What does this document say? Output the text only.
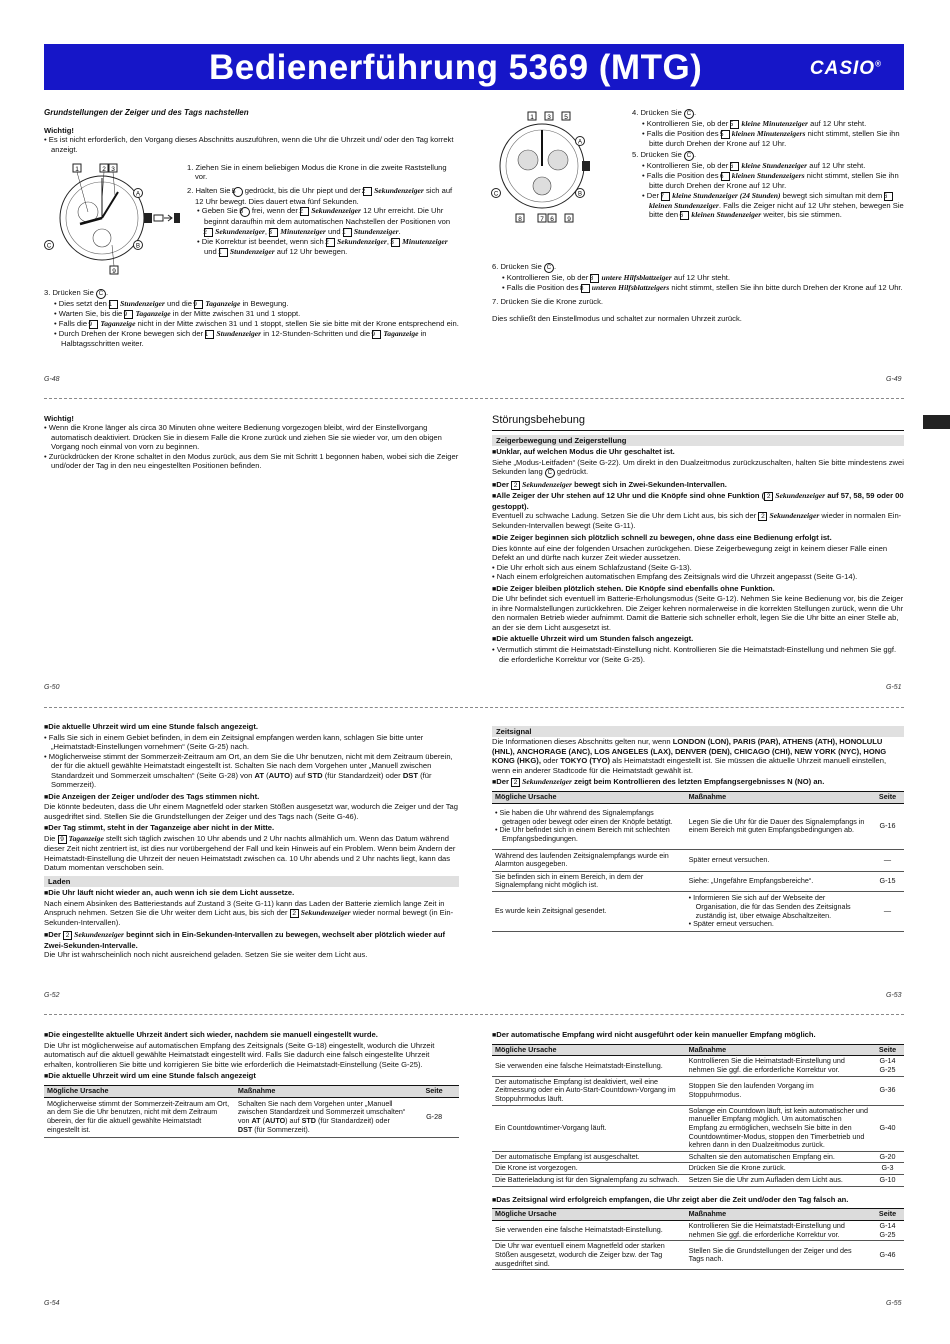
Bedienerführung 5369 (MTG)	CASIO®

Grundstellungen der Zeiger und des Tags nachstellen

Wichtig!

• Es ist nicht erforderlich, den Vorgang dieses Abschnitts auszuführen, wenn die Uhr die Uhrzeit und/ oder den Tag korrekt anzeigt.

1	2 3
A
B
C
9

1. Ziehen Sie in einem beliebigen Modus die Krone in die zweite Raststellung vor.

2. Halten Sie B gedrückt, bis die Uhr piept und der 2 Sekundenzeiger sich auf 12 Uhr bewegt. Dies dauert etwa fünf Sekunden.

• Geben Sie B frei, wenn der 2 Sekundenzeiger 12 Uhr erreicht. Die Uhr beginnt daraufhin mit dem automatischen Nachstellen der Positionen von 2 Sekundenzeiger, 3 Minutenzeiger und 1 Stundenzeiger.

• Die Korrektur ist beendet, wenn sich 2 Sekundenzeiger, 3 Minutenzeiger und 1 Stundenzeiger auf 12 Uhr bewegen.

3. Drücken Sie C .

• Dies setzt den 1 Stundenzeiger und die 9 Taganzeige in Bewegung.

• Warten Sie, bis die 9 Taganzeige in der Mitte zwischen 31 und 1 stoppt.

• Falls die 9 Taganzeige nicht in der Mitte zwischen 31 und 1 stoppt, stellen Sie sie bitte mit der Krone entsprechend ein.

• Durch Drehen der Krone bewegen sich der 1 Stundenzeiger in 12-Stunden-Schritten und die 9 Taganzeige in Halbtagsschritten weiter.

G-48
A
B
C
1 3 5
8	7 6 9

4. Drücken Sie C .

• Kontrollieren Sie, ob der 5 kleine Minutenzeiger auf 12 Uhr steht.

• Falls die Position des 5 kleinen Minutenzeigers nicht stimmt, stellen Sie ihn bitte durch Drehen der Krone auf 12 Uhr.

5. Drücken Sie C .

• Kontrollieren Sie, ob der 6 kleine Stundenzeiger auf 12 Uhr steht.

• Falls die Position des 6 kleinen Stundenzeigers nicht stimmt, stellen Sie ihn bitte durch Drehen der Krone auf 12 Uhr.

• Der 7 kleine Stundenzeiger (24 Stunden) bewegt sich simultan mit dem 6 kleinen Stundenzeiger. Falls die Zeiger nicht auf 12 Uhr stehen, bewegen Sie bitte den 6 kleinen Stundenzeiger weiter, bis sie stimmen.

6. Drücken Sie C .

• Kontrollieren Sie, ob der 8 untere Hilfsblattzeiger auf 12 Uhr steht.

• Falls die Position des 8 unteren Hilfsblattzeigers nicht stimmt, stellen Sie ihn bitte durch Drehen der Krone auf 12 Uhr.

7. Drücken Sie die Krone zurück.

Dies schließt den Einstellmodus und schaltet zur normalen Uhrzeit zurück.

G-49

Wichtig!

• Wenn die Krone länger als circa 30 Minuten ohne weitere Bedienung vorgezogen bleibt, wird der Einstellvorgang automatisch deaktiviert. Drücken Sie in diesem Falle die Krone zurück und ziehen Sie sie wieder vor, um den obigen Vorgang noch einmal von vorn zu beginnen.

• Zurückdrücken der Krone schaltet in den Modus zurück, aus dem Sie mit Schritt 1 begonnen haben, wobei sich die Zeiger und/oder der Tag in den neu eingestellten Positionen befinden.

G-50

Störungsbehebung

Zeigerbewegung und Zeigerstellung

■ Unklar, auf welchen Modus die Uhr geschaltet ist.

Siehe „Modus-Leitfaden“ (Seite G-22). Um direkt in den Dualzeitmodus zurückzuschalten, halten Sie bitte mindestens zwei Sekunden lang C gedrückt.

■ Der 2 Sekundenzeiger bewegt sich in Zwei-Sekunden-Intervallen.

■ Alle Zeiger der Uhr stehen auf 12 Uhr und die Knöpfe sind ohne Funktion ( 2 Sekundenzeiger auf 57, 58, 59 oder 00 gestoppt).

Eventuell zu schwache Ladung. Setzen Sie die Uhr dem Licht aus, bis sich der 2 Sekundenzeiger wieder in normalen Ein-Sekunden-Intervallen bewegt (Seite G-11).

■ Die Zeiger beginnen sich plötzlich schnell zu bewegen, ohne dass eine Bedienung erfolgt ist.

Dies könnte auf eine der folgenden Ursachen zurückgehen. Diese Zeigerbewegung zeigt in keinem dieser Fälle einen Defekt an und dürfte nach kurzer Zeit wieder aussetzen.

• Die Uhr erholt sich aus einem Schlafzustand (Seite G-13).

• Nach einem erfolgreichen automatischen Empfang des Zeitsignals wird die Uhrzeit angepasst (Seite G-14).

■ Die Zeiger bleiben plötzlich stehen. Die Knöpfe sind ebenfalls ohne Funktion.

Die Uhr befindet sich eventuell im Batterie-Erholungsmodus (Seite G-12). Nehmen Sie keine Bedienung vor, bis die Zeiger in ihre Normalstellungen zurückkehren. Die Zeiger kehren normalerweise in die korrekten Stellungen zurück, wenn die Uhr den normalen Betrieb wieder aufnimmt. Damit die Batterie sich schneller erholt, legen Sie die Uhr bitte an einer Stelle ab, an der sie dem Licht ausgesetzt ist.

■ Die aktuelle Uhrzeit wird um Stunden falsch angezeigt.

• Vermutlich stimmt die Heimatstadt-Einstellung nicht. Kontrollieren Sie die Heimatstadt-Einstellung und nehmen Sie ggf. die erforderliche Korrektur vor (Seite G-25).

G-51

■ Die aktuelle Uhrzeit wird um eine Stunde falsch angezeigt.

• Falls Sie sich in einem Gebiet befinden, in dem ein Zeitsignal empfangen werden kann, schlagen Sie bitte unter „Heimatstadt-Einstellungen vornehmen“ (Seite G-25) nach.

• Möglicherweise stimmt der Sommerzeit-Zeitraum am Ort, an dem Sie die Uhr benutzen, nicht mit dem Zeitraum überein, der für die aktuell gewählte Heimatstadt eingestellt ist. Schalten Sie nach dem Vorgehen unter „Manuell zwischen Standardzeit und Sommerzeit umschalten“ (Seite G-28) von AT (AUTO) auf STD (für Standardzeit) oder DST (für Sommerzeit).

■ Die Anzeigen der Zeiger und/oder des Tags stimmen nicht.

Die könnte bedeuten, dass die Uhr einem Magnetfeld oder starken Stößen ausgesetzt war, wodurch die Zeiger und der Tag ausgedriftet sind. Stellen Sie die Grundstellungen der Zeiger und des Tags nach (Seite G-46).

■ Der Tag stimmt, steht in der Taganzeige aber nicht in der Mitte.

Die 9 Taganzeige stellt sich täglich zwischen 10 Uhr abends und 2 Uhr nachts allmählich um. Wenn das Datum während dieser Zeit nicht zentriert ist, ist dies nur vorübergehend der Fall und kein Hinweis auf ein Problem. Wenn beim Ändern der Heimatstadt-Einstellung die Uhrzeit der neuen Heimatstadt zwischen ca. 10 Uhr abends und 2 Uhr nachts liegt, kann das Datum momentan verschoben sein.

Laden

■ Die Uhr läuft nicht wieder an, auch wenn ich sie dem Licht aussetze.

Nach einem Absinken des Batteriestands auf Zustand 3 (Seite G-11) kann das Laden der Batterie ziemlich lange Zeit in Anspruch nehmen. Setzen Sie die Uhr weiter dem Licht aus, bis sich der 2 Sekundenzeiger wieder normal bewegt (in Ein-Sekunden-Intervallen).

■ Der 2 Sekundenzeiger beginnt sich in Ein-Sekunden-Intervallen zu bewegen, wechselt aber plötzlich wieder auf Zwei-Sekunden-Intervalle.

Die Uhr ist wahrscheinlich noch nicht ausreichend geladen. Setzen Sie sie weiter dem Licht aus.

G-52

Zeitsignal

Die Informationen dieses Abschnitts gelten nur, wenn LONDON (LON), PARIS (PAR), ATHENS (ATH), HONOLULU (HNL), ANCHORAGE (ANC), LOS ANGELES (LAX), DENVER (DEN), CHICAGO (CHI), NEW YORK (NYC), HONG KONG (HKG), oder TOKYO (TYO) als Heimatstadt eingestellt ist. Sie müssen die aktuelle Uhrzeit manuell einstellen, wenn ein anderer Stadtcode für die Heimatstadt gewählt ist.

■ Der 2 Sekundenzeiger zeigt beim Kontrollieren des letzten Empfangsergebnisses N (NO) an.

Mögliche Ursache	Maßnahme	Seite

• Sie haben die Uhr während des Signalempfangs getragen oder bewegt oder einen der Knöpfe betätigt.
• Die Uhr befindet sich in einem Bereich mit schlechten Empfangsbedingungen.	Legen Sie die Uhr für die Dauer des Signalempfangs in einem Bereich mit guten Empfangsbedingungen ab.	G-16
Während des laufenden Zeitsignalempfangs wurde ein Alarmton ausgegeben.	Später erneut versuchen.	—
Sie befinden sich in einem Bereich, in dem der Signalempfang nicht möglich ist.	Siehe: „Ungefähre Empfangsbereiche“.	G-15
Es wurde kein Zeitsignal gesendet.	• Informieren Sie sich auf der Webseite der Organisation, die für das Senden des Zeitsignals zuständig ist, über etwaige Abschaltzeiten.
• Später erneut versuchen.	—
G-53

■ Die eingestellte aktuelle Uhrzeit ändert sich wieder, nachdem sie manuell eingestellt wurde.

Die Uhr ist möglicherweise auf automatischen Empfang des Zeitsignals (Seite G-18) eingestellt, wodurch die Uhrzeit automatisch auf die aktuell gewählte Heimatstadt eingestellt wird. Falls Sie dadurch eine falsch eingestellte Uhrzeit erhalten, kontrollieren Sie bitte und korrigieren Sie bitte wie erforderlich die Heimatstadt-Einstellung (Seite G-25).

■ Die aktuelle Uhrzeit wird um eine Stunde falsch angezeigt

Mögliche Ursache	Maßnahme	Seite
Möglicherweise stimmt der Sommerzeit-Zeitraum am Ort, an dem Sie die Uhr benutzen, nicht mit dem Zeitraum überein, der für die aktuell gewählte Heimatstadt eingestellt ist.	Schalten Sie nach dem Vorgehen unter „Manuell zwischen Standardzeit und Sommerzeit umschalten“ von AT (AUTO) auf STD (für Standardzeit) oder DST (für Sommerzeit).	G-28
G-54

■ Der automatische Empfang wird nicht ausgeführt oder kein manueller Empfang möglich.

Mögliche Ursache	Maßnahme	Seite
Sie verwenden eine falsche Heimatstadt-Einstellung.	Kontrollieren Sie die Heimatstadt-Einstellung und nehmen Sie ggf. die erforderliche Korrektur vor.	G-14
G-25

Der automatische Empfang ist deaktiviert, weil eine Zeitmessung oder ein Auto-Start-Countdown-Vorgang im Stoppuhrmodus läuft.	Stoppen Sie den laufenden Vorgang im Stoppuhrmodus.	G-36

Ein Countdowntimer-Vorgang läuft.	Solange ein Countdown läuft, ist kein automatischer und manueller Empfang möglich. Um automatischen Empfang zu ermöglichen, wechseln Sie bitte in den Countdowntimer-Modus, stoppen den Timerbetrieb und kehren dann in den Dualzeitmodus zurück.	G-40

Der automatische Empfang ist ausgeschaltet.	Schalten sie den automatischen Empfang ein.	G-20

Die Krone ist vorgezogen.	Drücken Sie die Krone zurück.	G-3

Die Batterieladung ist für den Signalempfang zu schwach.	Setzen Sie die Uhr zum Aufladen dem Licht aus.	G-10

■ Das Zeitsignal wird erfolgreich empfangen, die Uhr zeigt aber die Zeit und/oder den Tag falsch an.

Mögliche Ursache	Maßnahme	Seite
Sie verwenden eine falsche Heimatstadt-Einstellung.	Kontrollieren Sie die Heimatstadt-Einstellung und nehmen Sie ggf. die erforderliche Korrektur vor.	G-14
G-25

Die Uhr war eventuell einem Magnetfeld oder starken Stößen ausgesetzt, wodurch die Zeiger bzw. der Tag ausgedriftet sind.	Stellen Sie die Grundstellungen der Zeiger und des Tags nach.	G-46
G-55
